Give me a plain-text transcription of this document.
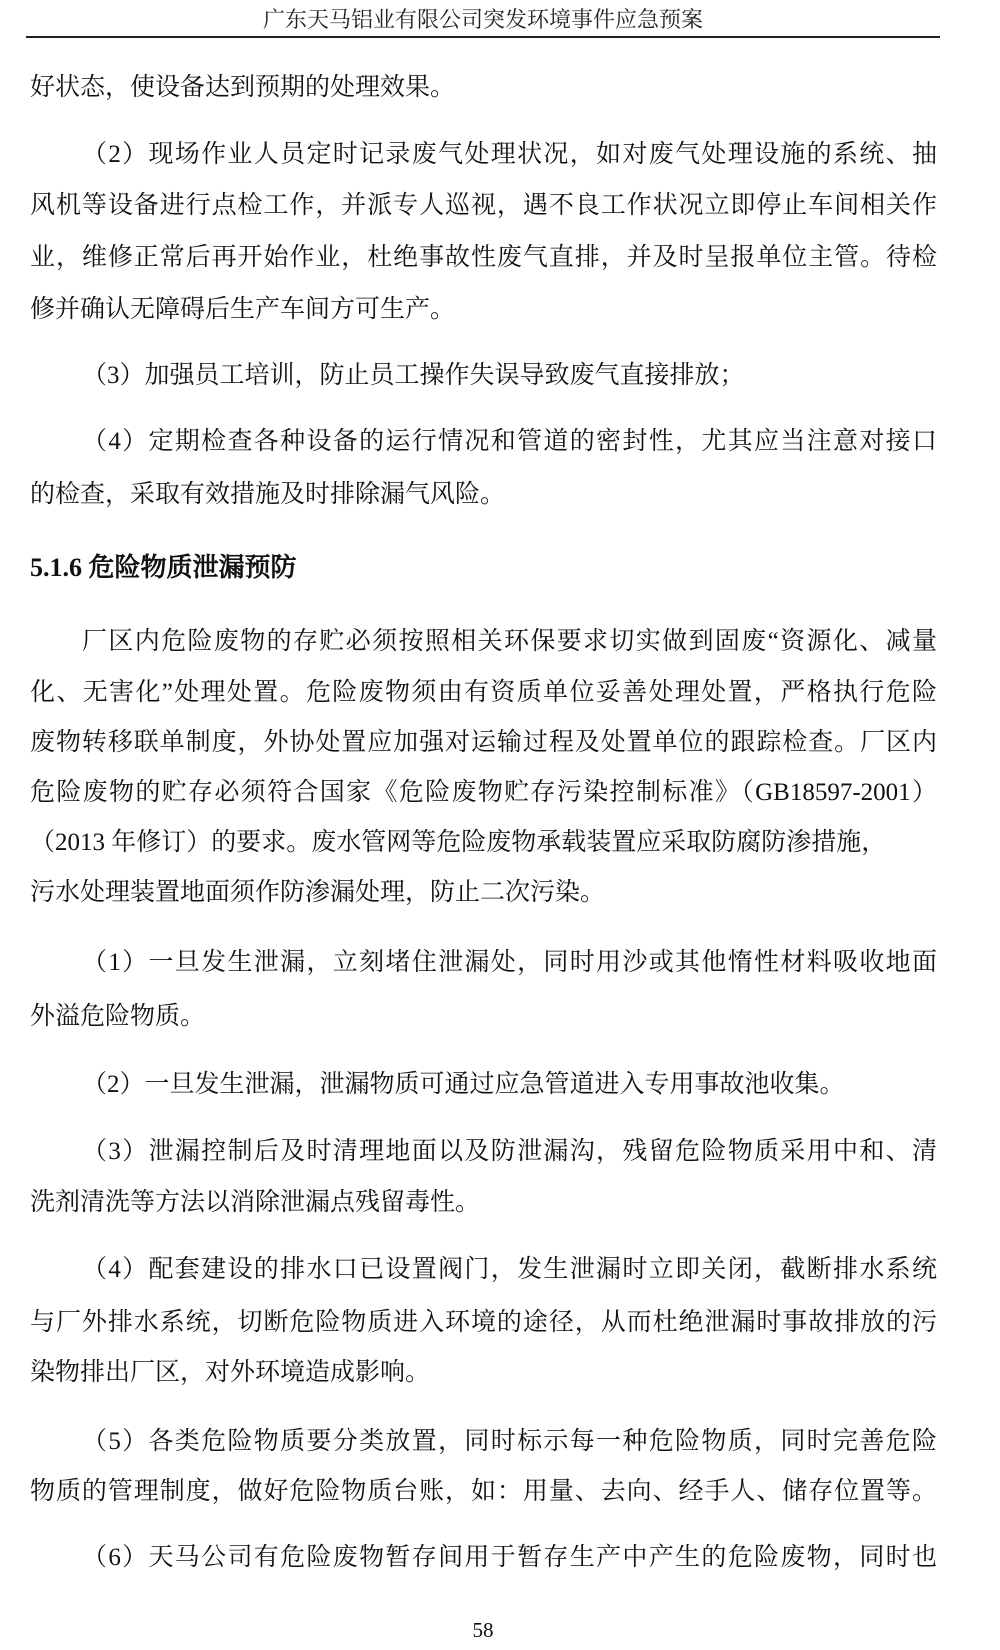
广东天马铝业有限公司突发环境事件应急预案
5.1.6 危险物质泄漏预防
好状态，使设备达到预期的处理效果。
（2）现场作业人员定时记录废气处理状况，如对废气处理设施的系统、抽
风机等设备进行点检工作，并派专人巡视，遇不良工作状况立即停止车间相关作
业，维修正常后再开始作业，杜绝事故性废气直排，并及时呈报单位主管。待检
修并确认无障碍后生产车间方可生产。
（3）加强员工培训，防止员工操作失误导致废气直接排放；
（4）定期检查各种设备的运行情况和管道的密封性，尤其应当注意对接口
的检查，采取有效措施及时排除漏气风险。
厂区内危险废物的存贮必须按照相关环保要求切实做到固废“资源化、减量
化、无害化”处理处置。危险废物须由有资质单位妥善处理处置，严格执行危险
废物转移联单制度，外协处置应加强对运输过程及处置单位的跟踪检查。厂区内
危险废物的贮存必须符合国家《危险废物贮存污染控制标准》（GB18597-2001）
（2013 年修订）的要求。废水管网等危险废物承载装置应采取防腐防渗措施，
污水处理装置地面须作防渗漏处理，防止二次污染。
（1）一旦发生泄漏，立刻堵住泄漏处，同时用沙或其他惰性材料吸收地面
外溢危险物质。
（2）一旦发生泄漏，泄漏物质可通过应急管道进入专用事故池收集。
（3）泄漏控制后及时清理地面以及防泄漏沟，残留危险物质采用中和、清
洗剂清洗等方法以消除泄漏点残留毒性。
（4）配套建设的排水口已设置阀门，发生泄漏时立即关闭，截断排水系统
与厂外排水系统，切断危险物质进入环境的途径，从而杜绝泄漏时事故排放的污
染物排出厂区，对外环境造成影响。
（5）各类危险物质要分类放置，同时标示每一种危险物质，同时完善危险
物质的管理制度，做好危险物质台账，如：用量、去向、经手人、储存位置等。
（6）天马公司有危险废物暂存间用于暂存生产中产生的危险废物，同时也
58
